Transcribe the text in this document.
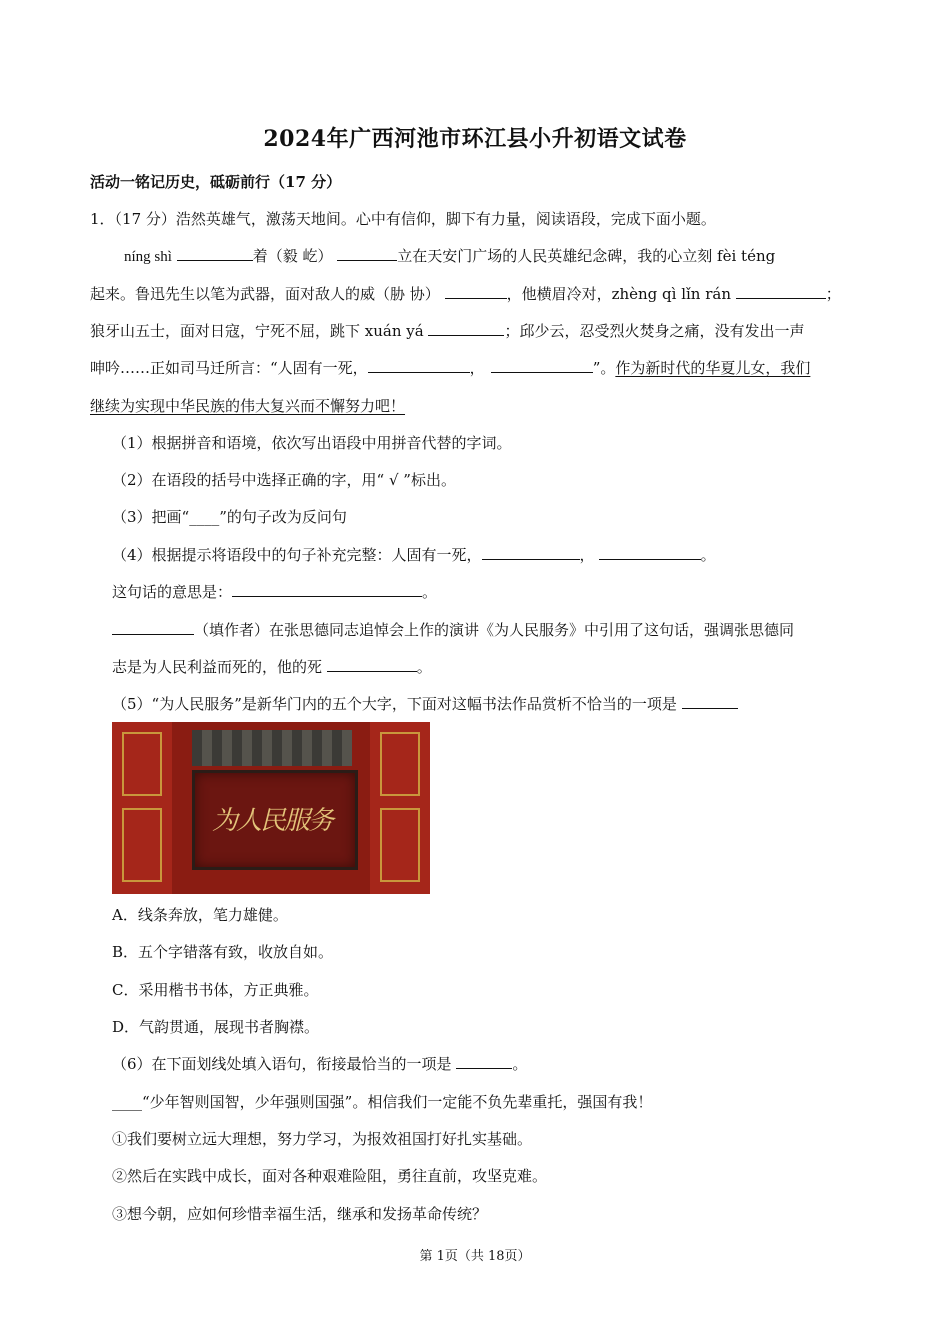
2024年广西河池市环江县小升初语文试卷
活动一铭记历史，砥砺前行（17 分）
1．（17 分）浩然英雄气，激荡天地间。心中有信仰，脚下有力量，阅读语段，完成下面小题。
níng shì	着（毅 屹）	立在天安门广场的人民英雄纪念碑，我的心立刻 fèi téng
起来。鲁迅先生以笔为武器，面对敌人的威（胁 协）	，他横眉冷对，zhèng qì lǐn rán	；
狼牙山五士，面对日寇，宁死不屈，跳下 xuán yá	；邱少云，忍受烈火焚身之痛，没有发出一声
呻吟……正如司马迁所言：“人固有一死，	，	”。作为新时代的华夏儿女，我们
继续为实现中华民族的伟大复兴而不懈努力吧！
（1）根据拼音和语境，依次写出语段中用拼音代替的字词。
（2）在语段的括号中选择正确的字，用“ √ ”标出。
（3）把画“____”的句子改为反问句
（4）根据提示将语段中的句子补充完整：人固有一死，	，	。
这句话的意思是：	。
（填作者）在张思德同志追悼会上作的演讲《为人民服务》中引用了这句话，强调张思德同
志是为人民利益而死的，他的死	。
（5）“为人民服务”是新华门内的五个大字，下面对这幅书法作品赏析不恰当的一项是
为人民服务
A．线条奔放，笔力雄健。
B．五个字错落有致，收放自如。
C．采用楷书书体，方正典雅。
D．气韵贯通，展现书者胸襟。
（6）在下面划线处填入语句，衔接最恰当的一项是	。
____“少年智则国智，少年强则国强”。相信我们一定能不负先辈重托，强国有我！
①我们要树立远大理想，努力学习，为报效祖国打好扎实基础。
②然后在实践中成长，面对各种艰难险阻，勇往直前，攻坚克难。
③想今朝，应如何珍惜幸福生活，继承和发扬革命传统？
第 1页（共 18页）
